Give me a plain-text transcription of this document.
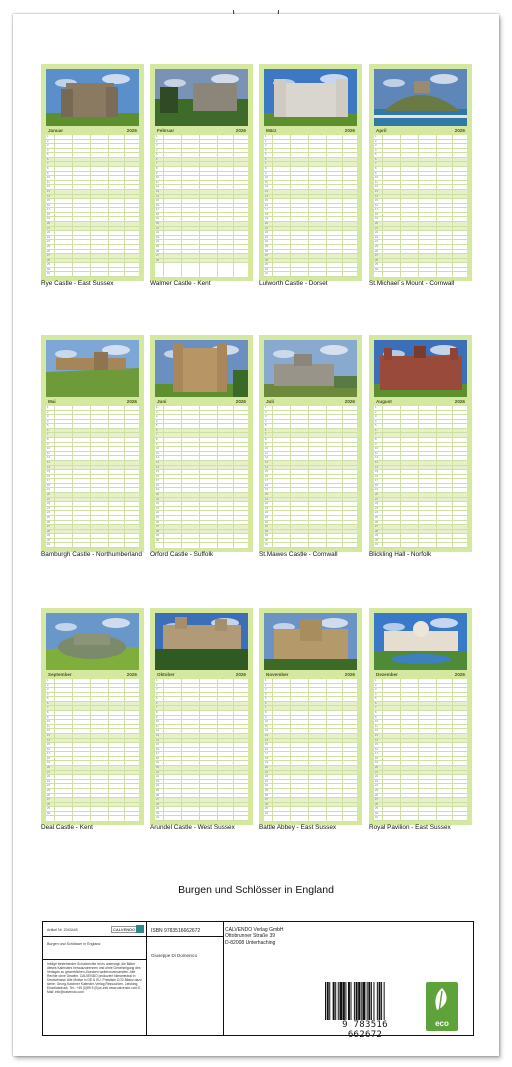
Januar	2026
1
2
3
4
5
6
7
8
9
10
11
12
13
14
15
16
17
18
19
20
21
22
23
24
25
26
27
28
29
30
31
Rye Castle - East Sussex
Februar	2026
1
2
3
4
5
6
7
8
9
10
11
12
13
14
15
16
17
18
19
20
21
22
23
24
25
26
27
28
Walmer Castle - Kent
März	2026
1
2
3
4
5
6
7
8
9
10
11
12
13
14
15
16
17
18
19
20
21
22
23
24
25
26
27
28
29
30
31
Lulworth Castle - Dorset
April	2026
1
2
3
4
5
6
7
8
9
10
11
12
13
14
15
16
17
18
19
20
21
22
23
24
25
26
27
28
29
30
St.Michael´s Mount - Cornwall
Mai	2026
1
2
3
4
5
6
7
8
9
10
11
12
13
14
15
16
17
18
19
20
21
22
23
24
25
26
27
28
29
30
31
Bamburgh Castle - Northumberland
Juni	2026
1
2
3
4
5
6
7
8
9
10
11
12
13
14
15
16
17
18
19
20
21
22
23
24
25
26
27
28
29
30
Orford Castle - Suffolk
Juli	2026
1
2
3
4
5
6
7
8
9
10
11
12
13
14
15
16
17
18
19
20
21
22
23
24
25
26
27
28
29
30
31
St.Mawes Castle - Cornwall
August	2026
1
2
3
4
5
6
7
8
9
10
11
12
13
14
15
16
17
18
19
20
21
22
23
24
25
26
27
28
29
30
31
Blickling Hall - Norfolk
September	2026
1
2
3
4
5
6
7
8
9
10
11
12
13
14
15
16
17
18
19
20
21
22
23
24
25
26
27
28
29
30
Deal Castle - Kent
Oktober	2026
1
2
3
4
5
6
7
8
9
10
11
12
13
14
15
16
17
18
19
20
21
22
23
24
25
26
27
28
29
30
31
Arundel Castle - West Sussex
November	2026
1
2
3
4
5
6
7
8
9
10
11
12
13
14
15
16
17
18
19
20
21
22
23
24
25
26
27
28
29
30
Battle Abbey - East Sussex
Dezember	2026
1
2
3
4
5
6
7
8
9
10
11
12
13
14
15
16
17
18
19
20
21
22
23
24
25
26
27
28
29
30
31
Royal Pavilion - East Sussex
Burgen und Schlösser in England
Artikel Nr. 2043445	CALVENDO
Burgen und Schlösser in England
Infolge bestehender Schutzrechte ist es untersagt, die Bilder dieses Kalenders herauszutrennen und ohne Genehmigung des Verlages zu gewerblichen Zwecken weiterzuverwenden. Alle Rechte ohne Gewähr. CALVENDO produziert klimaneutral in Deutschland. Alle Motive in DE & EU. Preisliste CO2-Bilanz dazu siehe: Georg-Kalchner Kalender-Verlag Ressourcen, Leistung, Einzelabdruck. Tel.: +49 (0)89 5 (0)ce-info www.calvendo.com E-Mail: info@calvendo.com
ISBN 9783516662672
Giuseppe Di Domenico
CALVENDO Verlag GmbH
Ottobrunner Straße 39
D-82008 Unterhaching
9 783516 662672
eco
